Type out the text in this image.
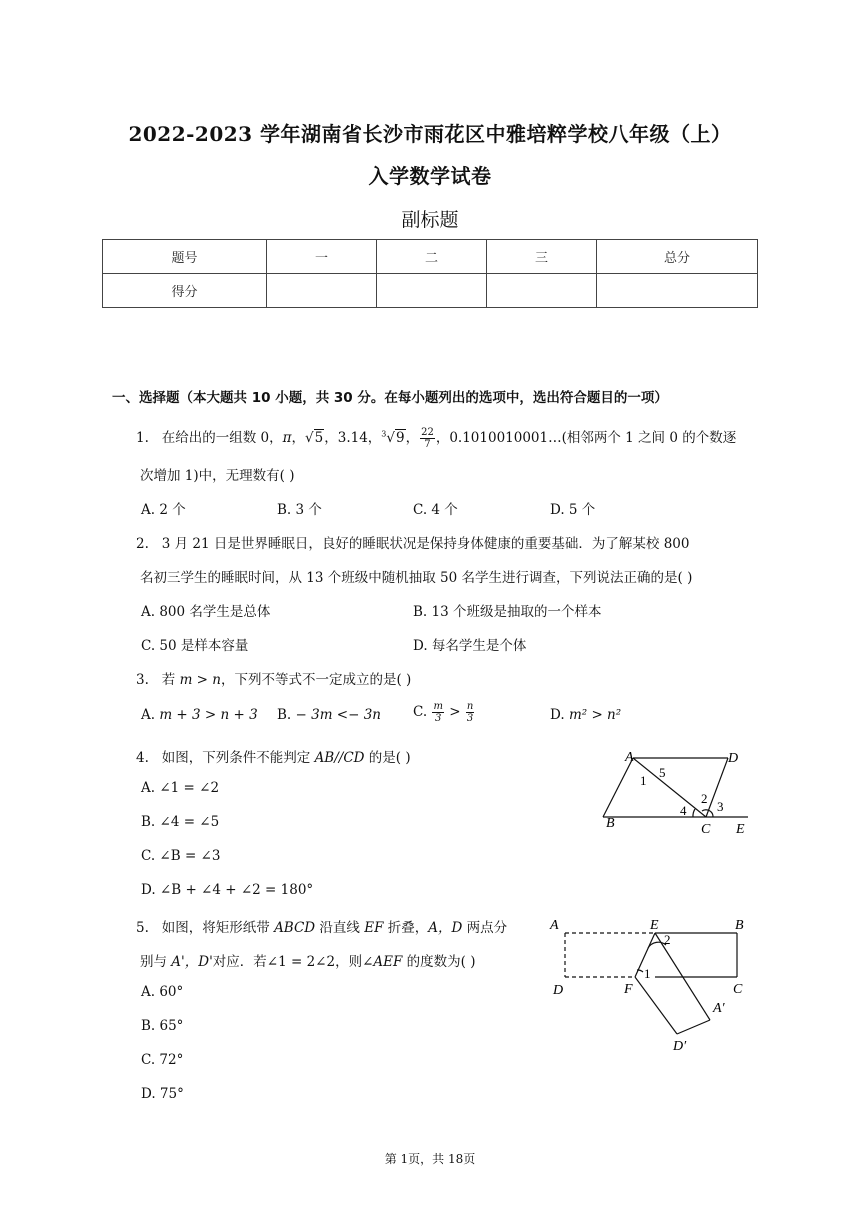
2022-2023 学年湖南省长沙市雨花区中雅培粹学校八年级（上）
入学数学试卷
副标题
题号	一	二	三	总分
得分				
一、选择题（本大题共 10 小题，共 30 分。在每小题列出的选项中，选出符合题目的一项）
1. 在给出的一组数 0，π，√5，3.14，$^3$√9， $\frac{22}{7}$ ，0.1010010001…(相邻两个 1 之间 0 的个数逐
次增加 1)中，无理数有( )
A. 2 个	B. 3 个	C. 4 个	D. 5 个
2. 3 月 21 日是世界睡眠日，良好的睡眠状况是保持身体健康的重要基础．为了解某校 800
名初三学生的睡眠时间，从 13 个班级中随机抽取 50 名学生进行调查，下列说法正确的是( )
A. 800 名学生是总体	B. 13 个班级是抽取的一个样本
C. 50 是样本容量	D. 每名学生是个体
3. 若 m > n，下列不等式不一定成立的是( )
A. m + 3 > n + 3 B. − 3m <− 3n C. $\frac{m}{3} > \frac{n}{3}$	D. m² > n²
4. 如图，下列条件不能判定 AB//CD 的是( )
A. ∠1 = ∠2
B. ∠4 = ∠5
C. ∠B = ∠3
D. ∠B + ∠4 + ∠2 = 180°
A	D
B	C E
1
5
2
3
4
5. 如图，将矩形纸带 ABCD 沿直线 EF 折叠，A，D 两点分
别与 A'，D'对应．若∠1 = 2∠2，则∠AEF 的度数为( )
A. 60°
B. 65°
C. 72°
D. 75°
A	E	B
D	F	C
A′
D′
1
2
第 1页，共 18页
